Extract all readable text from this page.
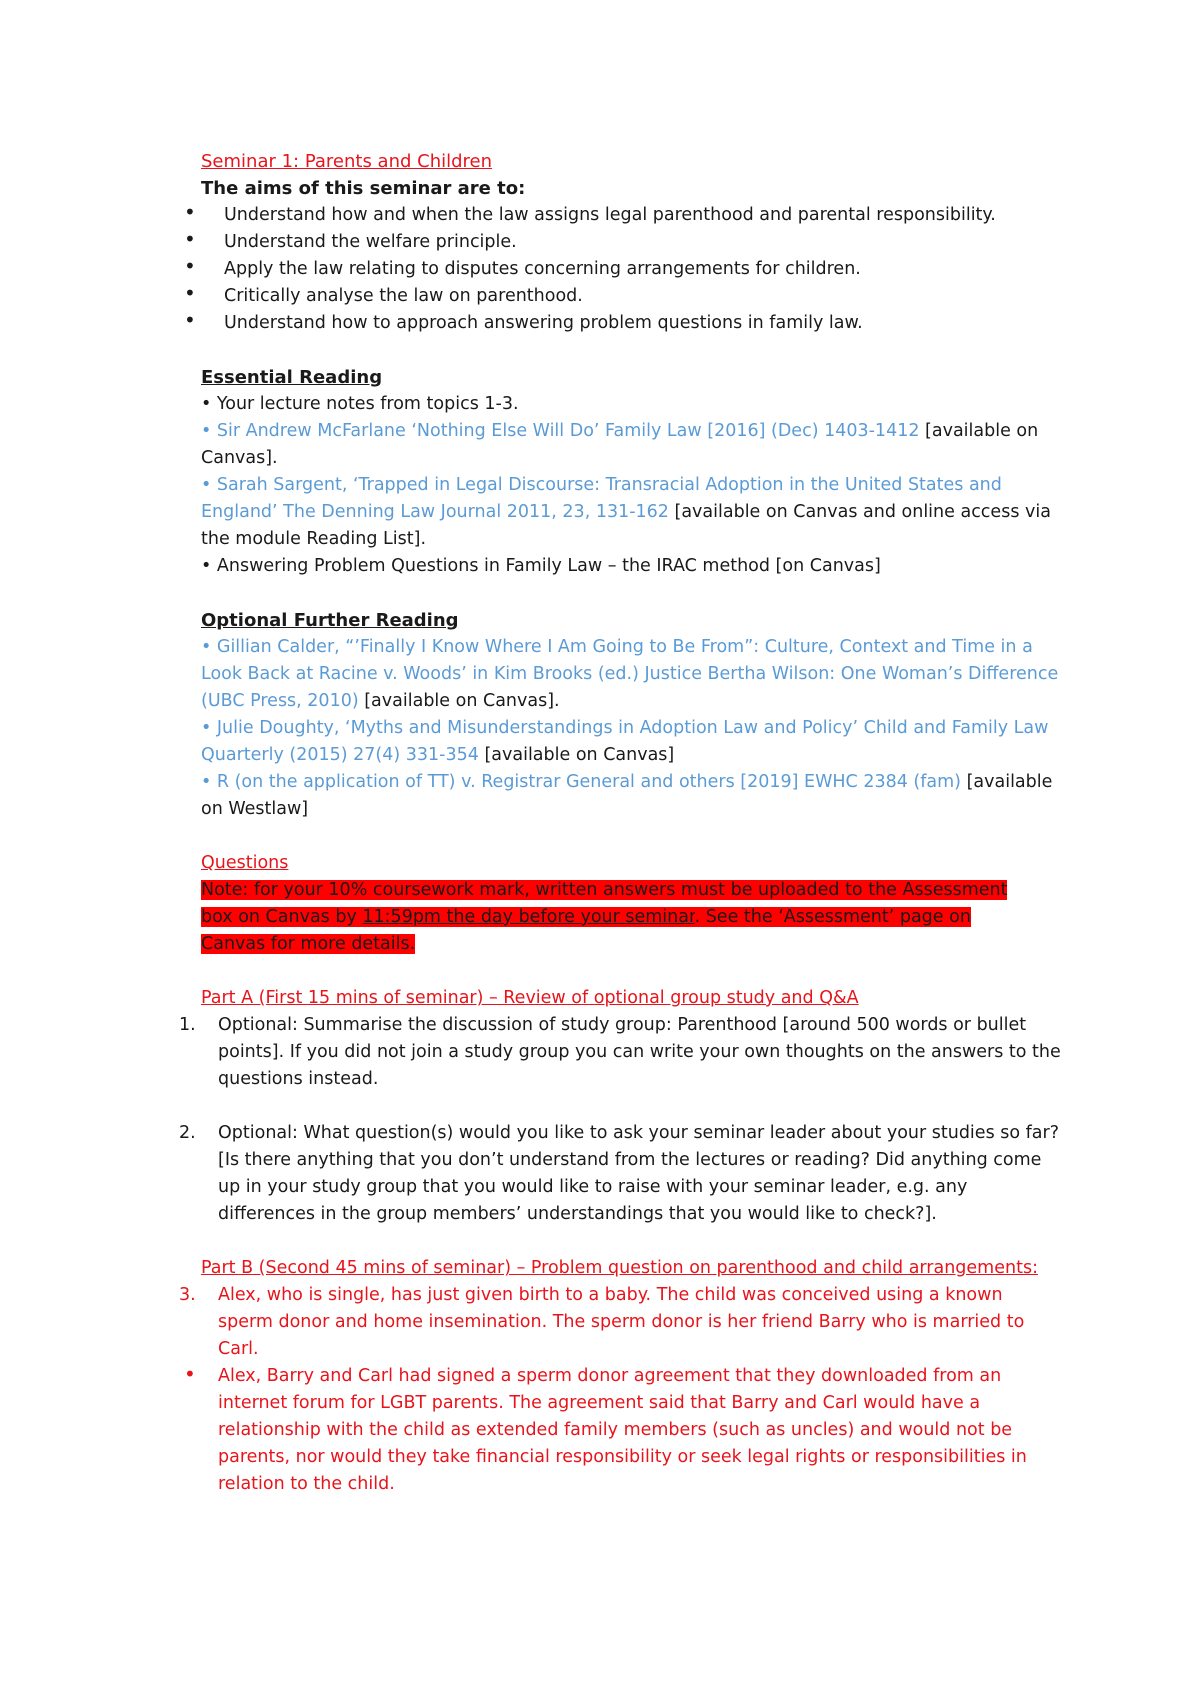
Seminar 1: Parents and Children

The aims of this seminar are to:

• Understand how and when the law assigns legal parenthood and parental responsibility.
• Understand the welfare principle.
• Apply the law relating to disputes concerning arrangements for children.
• Critically analyse the law on parenthood.
• Understand how to approach answering problem questions in family law.

Essential Reading

• Your lecture notes from topics 1-3.

• Sir Andrew McFarlane ‘Nothing Else Will Do’ Family Law [2016] (Dec) 1403-1412 [available on Canvas].

• Sarah Sargent, ‘Trapped in Legal Discourse: Transracial Adoption in the United States and England’ The Denning Law Journal 2011, 23, 131-162 [available on Canvas and online access via the module Reading List].

• Answering Problem Questions in Family Law – the IRAC method [on Canvas]

Optional Further Reading

• Gillian Calder, “’Finally I Know Where I Am Going to Be From”: Culture, Context and Time in a Look Back at Racine v. Woods’ in Kim Brooks (ed.) Justice Bertha Wilson: One Woman’s Difference (UBC Press, 2010) [available on Canvas].

• Julie Doughty, ‘Myths and Misunderstandings in Adoption Law and Policy’ Child and Family Law Quarterly (2015) 27(4) 331-354 [available on Canvas]

• R (on the application of TT) v. Registrar General and others [2019] EWHC 2384 (fam) [available on Westlaw]

Questions

Note: for your 10% coursework mark, written answers must be uploaded to the Assessment box on Canvas by 11:59pm the day before your seminar. See the ‘Assessment’ page on Canvas for more details.

Part A (First 15 mins of seminar) – Review of optional group study and Q&A

1. Optional: Summarise the discussion of study group: Parenthood [around 500 words or bullet points]. If you did not join a study group you can write your own thoughts on the answers to the questions instead.
2. Optional: What question(s) would you like to ask your seminar leader about your studies so far? [Is there anything that you don’t understand from the lectures or reading? Did anything come up in your study group that you would like to raise with your seminar leader, e.g. any differences in the group members’ understandings that you would like to check?].

Part B (Second 45 mins of seminar) – Problem question on parenthood and child arrangements:

3. Alex, who is single, has just given birth to a baby. The child was conceived using a known sperm donor and home insemination. The sperm donor is her friend Barry who is married to Carl.
• Alex, Barry and Carl had signed a sperm donor agreement that they downloaded from an internet forum for LGBT parents. The agreement said that Barry and Carl would have a relationship with the child as extended family members (such as uncles) and would not be parents, nor would they take financial responsibility or seek legal rights or responsibilities in relation to the child.
